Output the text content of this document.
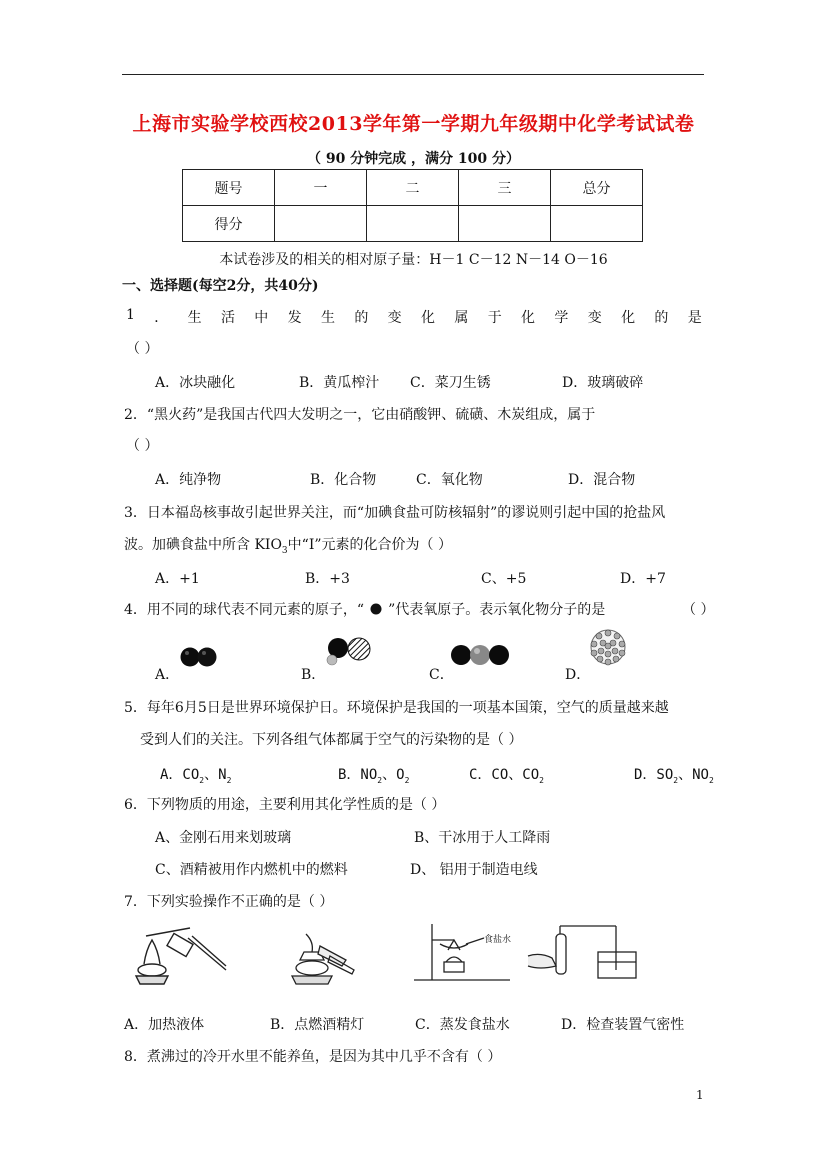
上海市实验学校西校2013学年第一学期九年级期中化学考试试卷
（ 90 分钟完成 ，满分 100 分）
题号	一	二	三	总分
得分				
本试卷涉及的相关的相对原子量：H－1 C－12 N－14 O－16
一、选择题(每空2分，共40分)
1 ． 生 活 中 发 生 的 变 化 属 于 化 学 变 化 的 是
（ ）
A．冰块融化	B．黄瓜榨汁 C．菜刀生锈	D．玻璃破碎
2．“黑火药”是我国古代四大发明之一，它由硝酸钾、硫磺、木炭组成，属于
（ ）
A．纯净物	B．化合物	C．氧化物	D．混合物
3．日本福岛核事故引起世界关注，而“加碘食盐可防核辐射”的谬说则引起中国的抢盐风
波。加碘食盐中所含 $KIO_3$中“I”元素的化合价为（ ）
A．+1	B．+3	C、+5	D．+7
4．用不同的球代表不同元素的原子，“ ”代表氧原子。表示氧化物分子的是	（ ）
A．	B．	C．	D．
5．每年6月5日是世界环境保护日。环境保护是我国的一项基本国策，空气的质量越来越
受到人们的关注。下列各组气体都属于空气的污染物的是（ ）
A．$CO_2$、$N_2$	B．$NO_2$、$O_2$	C．CO、$CO_2$	D．$SO_2$、$NO_2$
6．下列物质的用途，主要利用其化学性质的是（ ）
A、金刚石用来划玻璃	B、干冰用于人工降雨
C、酒精被用作内燃机中的燃料	D、 铝用于制造电线
7．下列实验操作不正确的是（ ）
食盐水
A．加热液体	B．点燃酒精灯	C．蒸发食盐水	D．检查装置气密性
8．煮沸过的冷开水里不能养鱼，是因为其中几乎不含有（ ）
1
